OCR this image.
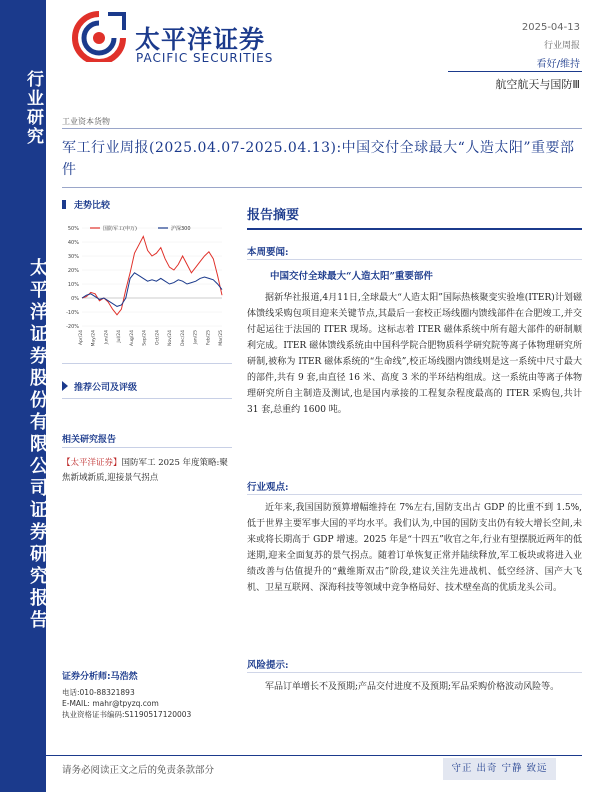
行业研究
太平洋证券股份有限公司证券研究报告
太平洋证券
PACIFIC SECURITIES
2025-04-13
行业周报
看好/维持
航空航天与国防Ⅲ
工业资本货物
军工行业周报(2025.04.07-2025.04.13):中国交付全球最大“人造太阳”重要部件
走势比较
50%
40%
30%
20%
10%
0%
-10%
-20%
Apr/24 May/24 Jun/24 Jul/24 Aug/24 Sep/24 Oct/24 Nov/24 Dec/24 Jan/25 Feb/25 Mar/25
国防军工(申万)	沪深300
推荐公司及评级
相关研究报告
【太平洋证券】国防军工 2025 年度策略:聚焦新域新质,迎接景气拐点
证券分析师:马浩然
电话:010-88321893
E-MAIL: mahr@tpyzq.com
执业资格证书编码:S1190517120003
报告摘要
本周要闻:
中国交付全球最大“人造太阳”重要部件

据新华社报道,4月11日,全球最大“人造太阳”国际热核聚变实验堆(ITER)计划磁体馈线采购包项目迎来关键节点,其最后一套校正场线圈内馈线部件在合肥竣工,并交付起运往于法国的 ITER 现场。这标志着 ITER 磁体系统中所有超大部件的研制顺利完成。ITER 磁体馈线系统由中国科学院合肥物质科学研究院等离子体物理研究所研制,被称为 ITER 磁体系统的“生命线”,校正场线圈内馈线则是这一系统中尺寸最大的部件,共有 9 套,由直径 16 米、高度 3 米的半环结构组成。这一系统由等离子体物理研究所自主制造及测试,也是国内承接的工程复杂程度最高的 ITER 采购包,共计 31 套,总重约 1600 吨。

行业观点:

近年来,我国国防预算增幅维持在 7%左右,国防支出占 GDP 的比重不到 1.5%,低于世界主要军事大国的平均水平。我们认为,中国的国防支出仍有较大增长空间,未来或将长期高于 GDP 增速。2025 年是“十四五”收官之年,行业有望摆脱近两年的低迷期,迎来全面复苏的景气拐点。随着订单恢复正常并陆续释放,军工板块或将进入业绩改善与估值提升的“戴维斯双击”阶段,建议关注先进战机、低空经济、国产大飞机、卫星互联网、深海科技等领域中竞争格局好、技术壁垒高的优质龙头公司。

风险提示:

军品订单增长不及预期;产品交付进度不及预期;军品采购价格波动风险等。

请务必阅读正文之后的免责条款部分	守正 出奇 宁静 致远
